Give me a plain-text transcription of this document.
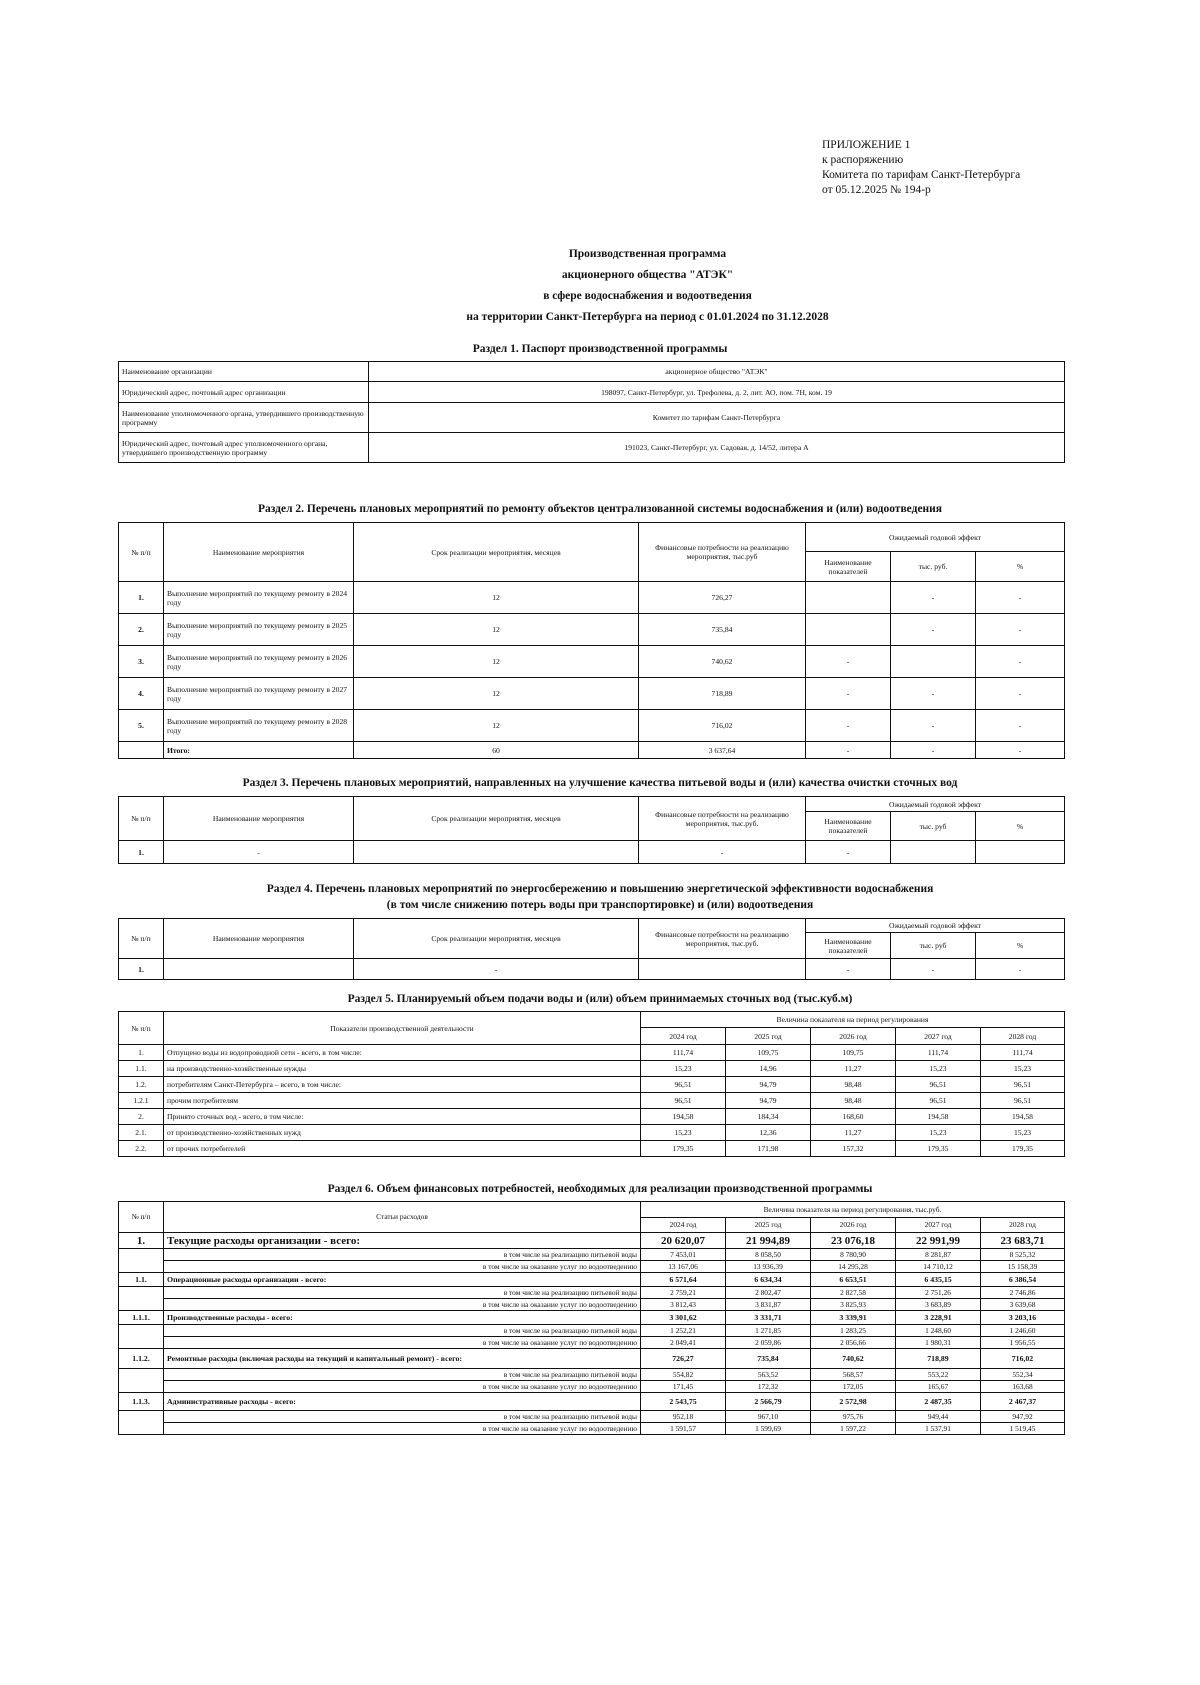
ПРИЛОЖЕНИЕ 1
к распоряжению
Комитета по тарифам Санкт-Петербурга
от 05.12.2025 № 194-р
Производственная программа
акционерного общества "АТЭК"
в сфере водоснабжения и водоотведения
на территории Санкт-Петербурга на период с 01.01.2024 по 31.12.2028
Раздел 1. Паспорт производственной программы
Наименование организации	акционерное общество "АТЭК"
Юридический адрес, почтовый адрес организации	198097, Санкт-Петербург, ул. Трефолева, д. 2, лит. АО, пом. 7Н, ком. 19
Наименование уполномоченного органа, утвердившего производственную программу	Комитет по тарифам Санкт-Петербурга
Юридический адрес, почтовый адрес уполномоченного органа, утвердившего производственную программу	191023, Санкт-Петербург, ул. Садовая, д. 14/52, литера А
Раздел 2. Перечень плановых мероприятий по ремонту объектов централизованной системы водоснабжения и (или) водоотведения
№ п/п	Наименование мероприятия	Срок реализации мероприятия, месяцев	Финансовые потребности на реализацию мероприятия, тыс.руб	Ожидаемый годовой эффект		
				Наименование показателей	тыс. руб.	%
1.	Выполнение мероприятий по текущему ремонту в 2024 году	12	726,27		-	-
2.	Выполнение мероприятий по текущему ремонту в 2025 году	12	735,84		-	-
3.	Выполнение мероприятий по текущему ремонту в 2026 году	12	740,62	-		-
4.	Выполнение мероприятий по текущему ремонту в 2027 году	12	718,89	-	-	-
5.	Выполнение мероприятий по текущему ремонту в 2028 году	12	716,02	-	-	-
	Итого:	60	3 637,64	-	-	-
Раздел 3. Перечень плановых мероприятий, направленных на улучшение качества питьевой воды и (или) качества очистки сточных вод
№ п/п	Наименование мероприятия	Срок реализации мероприятия, месяцев	Финансовые потребности на реализацию мероприятия, тыс.руб.	Ожидаемый годовой эффект		
				Наименование показателей	тыс. руб	%
1.	-		-	-		
Раздел 4. Перечень плановых мероприятий по энергосбережению и повышению энергетической эффективности водоснабжения
(в том числе снижению потерь воды при транспортировке) и (или) водоотведения
№ п/п	Наименование мероприятия	Срок реализации мероприятия, месяцев	Финансовые потребности на реализацию мероприятия, тыс.руб.	Ожидаемый годовой эффект		
				Наименование показателей	тыс. руб	%
1.		-		-	-	-
Раздел 5. Планируемый объем подачи воды и (или) объем принимаемых сточных вод (тыс.куб.м)
№ п/п	Показатели производственной деятельности	Величина показателя на период регулирования				
		2024 год	2025 год	2026 год	2027 год	2028 год
1.	Отпущено воды из водопроводной сети - всего, в том числе:	111,74	109,75	109,75	111,74	111,74
1.1.	на производственно-хозяйственные нужды	15,23	14,96	11,27	15,23	15,23
1.2.	потребителям Санкт-Петербурга – всего, в том числе:	96,51	94,79	98,48	96,51	96,51
1.2.1	прочим потребителям	96,51	94,79	98,48	96,51	96,51
2.	Принято сточных вод - всего, в том числе:	194,58	184,34	168,60	194,58	194,58
2.1.	от производственно-хозяйственных нужд	15,23	12,36	11,27	15,23	15,23
2.2.	от прочих потребителей	179,35	171,98	157,32	179,35	179,35
Раздел 6. Объем финансовых потребностей, необходимых для реализации производственной программы
№ п/п	Статьи расходов	Величина показателя на период регулирования, тыс.руб.				
		2024 год	2025 год	2026 год	2027 год	2028 год
1.	Текущие расходы организации - всего:	20 620,07	21 994,89	23 076,18	22 991,99	23 683,71
	в том числе на реализацию питьевой воды	7 453,01	8 058,50	8 780,90	8 281,87	8 525,32
	в том числе на оказание услуг по водоотведению	13 167,06	13 936,39	14 295,28	14 710,12	15 158,39
1.1.	Операционные расходы организации - всего:	6 571,64	6 634,34	6 653,51	6 435,15	6 386,54
	в том числе на реализацию питьевой воды	2 759,21	2 802,47	2 827,58	2 751,26	2 746,86
	в том числе на оказание услуг по водоотведению	3 812,43	3 831,87	3 825,93	3 683,89	3 639,68
1.1.1.	Производственные расходы - всего:	3 301,62	3 331,71	3 339,91	3 228,91	3 203,16
	в том числе на реализацию питьевой воды	1 252,21	1 271,85	1 283,25	1 248,60	1 246,60
	в том числе на оказание услуг по водоотведению	2 049,41	2 059,86	2 056,66	1 980,31	1 956,55
1.1.2.	Ремонтные расходы (включая расходы на текущий и капитальный ремонт) - всего:	726,27	735,84	740,62	718,89	716,02
	в том числе на реализацию питьевой воды	554,82	563,52	568,57	553,22	552,34
	в том числе на оказание услуг по водоотведению	171,45	172,32	172,05	165,67	163,68
1.1.3.	Административные расходы - всего:	2 543,75	2 566,79	2 572,98	2 487,35	2 467,37
	в том числе на реализацию питьевой воды	952,18	967,10	975,76	949,44	947,92
	в том числе на оказание услуг по водоотведению	1 591,57	1 599,69	1 597,22	1 537,91	1 519,45
